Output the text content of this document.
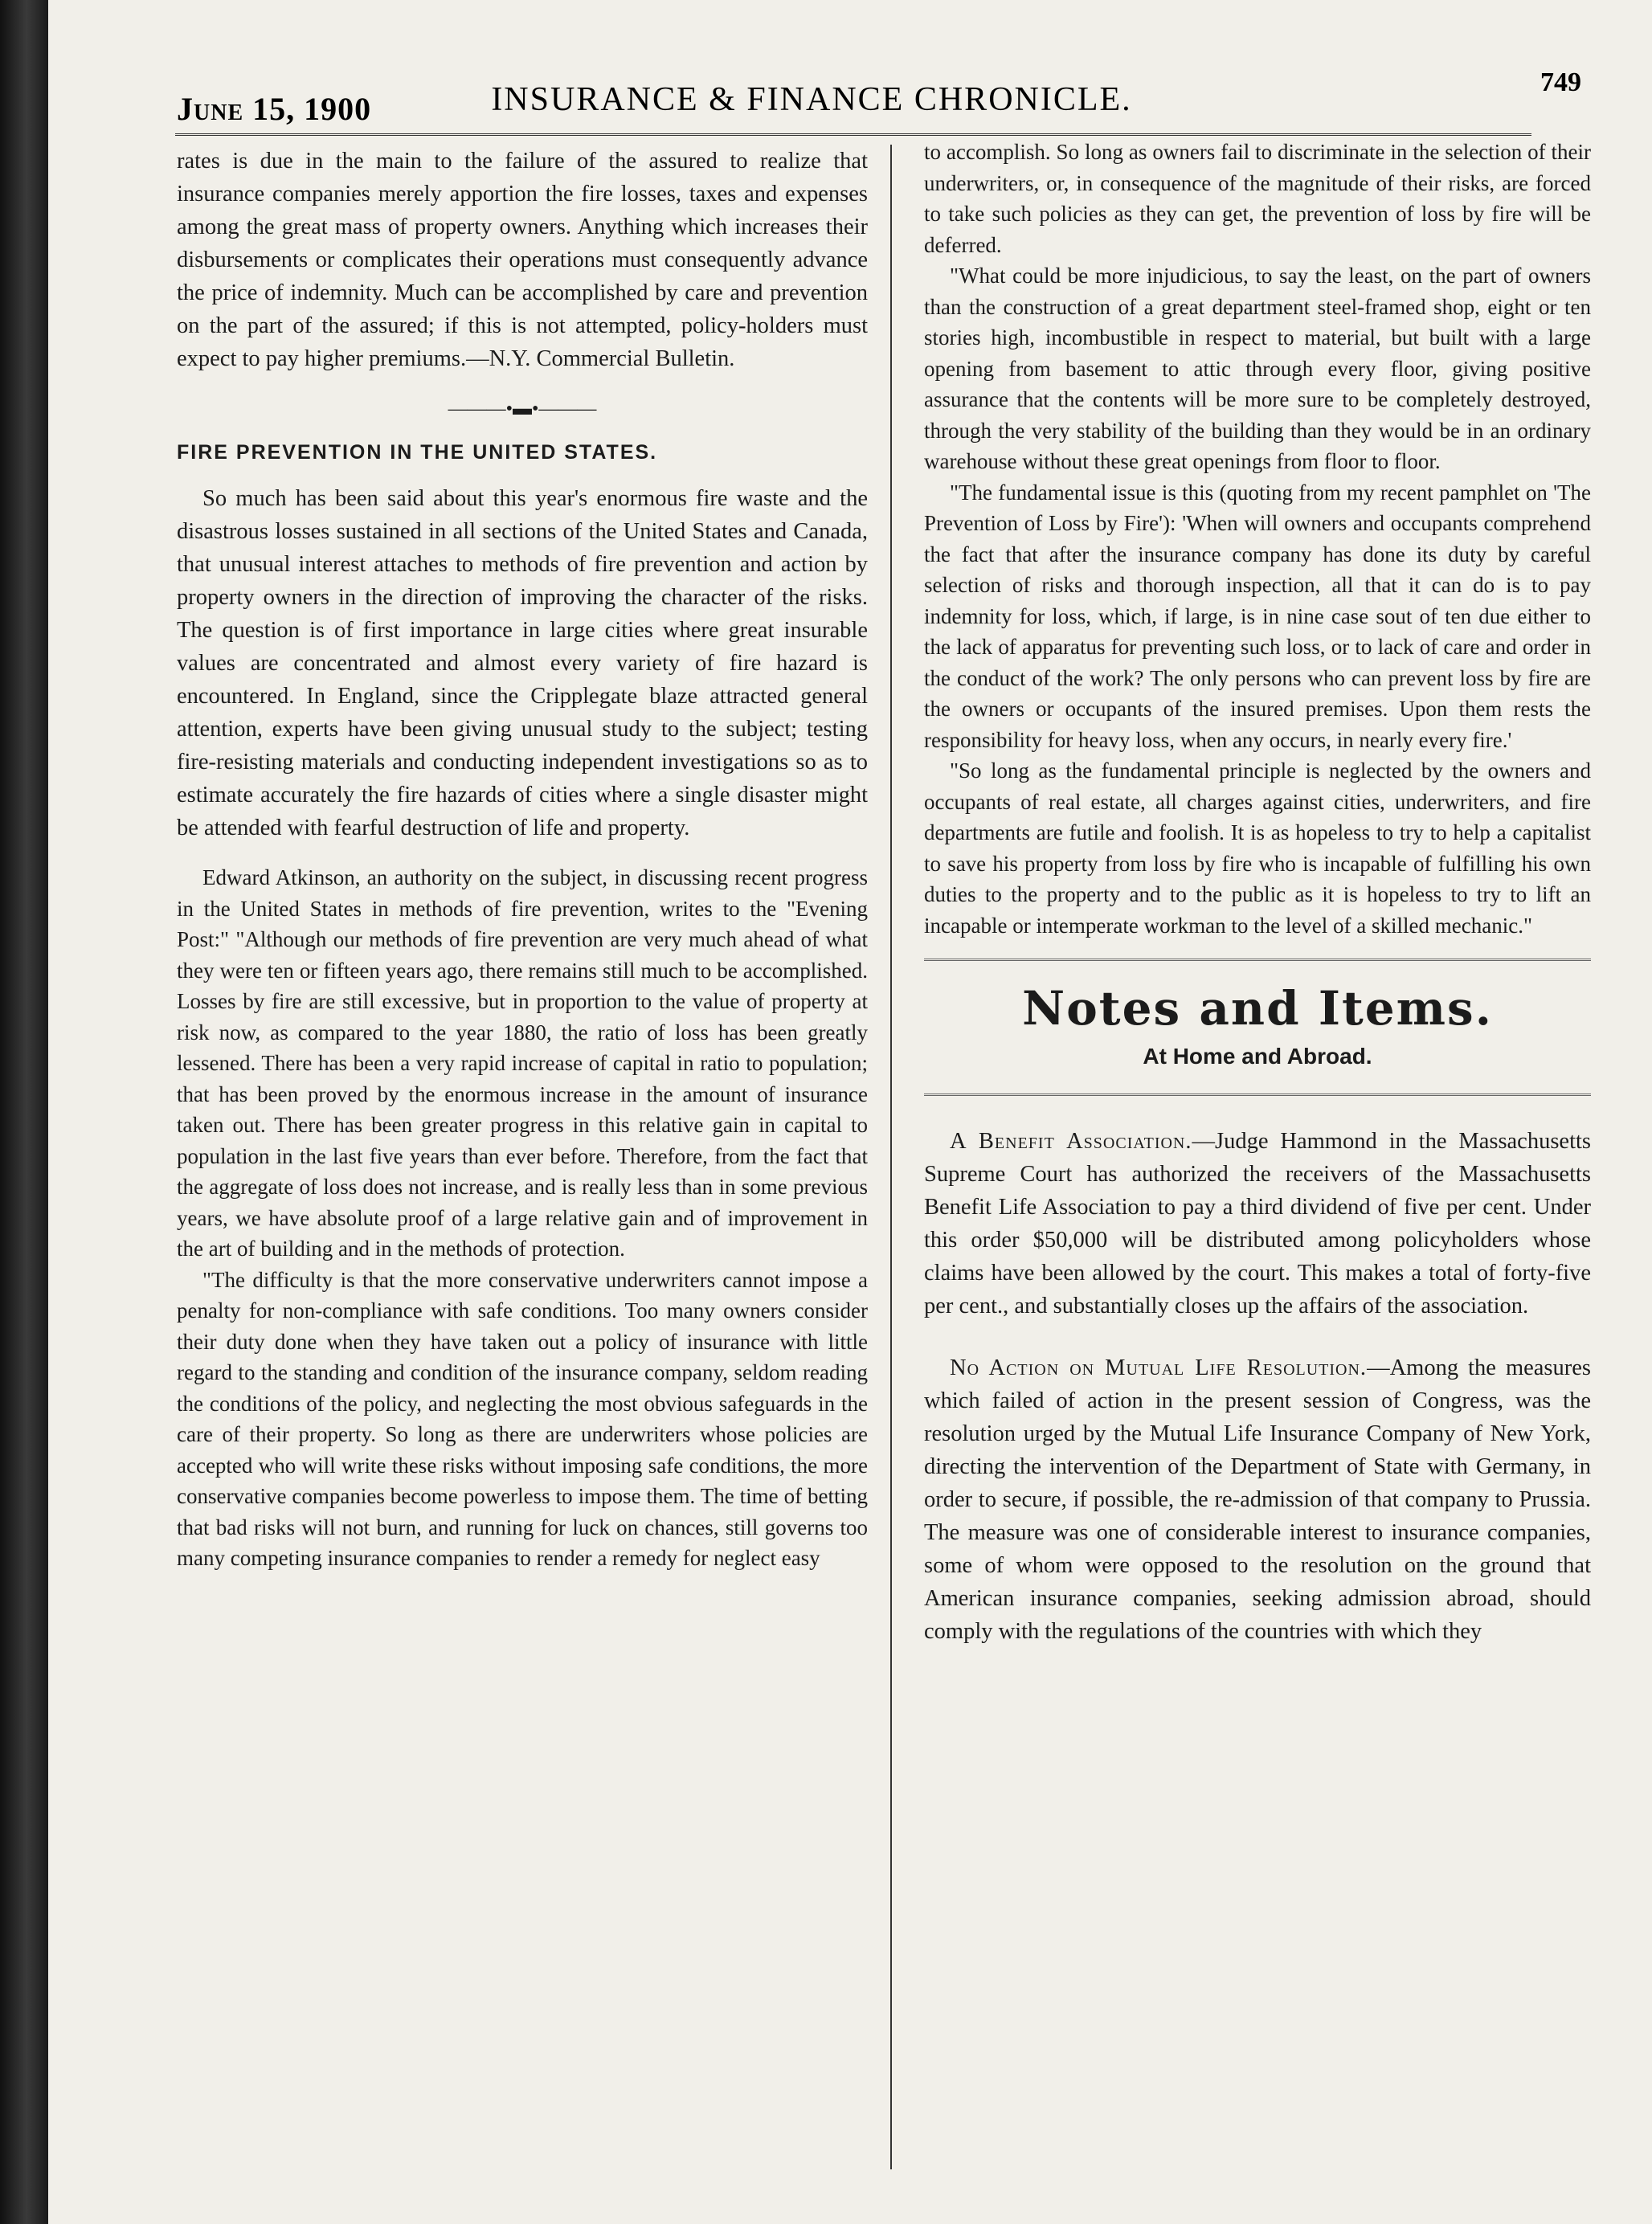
June 15, 1900	INSURANCE & FINANCE CHRONICLE.	749

rates is due in the main to the failure of the assured to realize that insurance companies merely apportion the fire losses, taxes and expenses among the great mass of property owners. Anything which increases their disbursements or complicates their operations must consequently advance the price of indemnity. Much can be accomplished by care and prevention on the part of the assured; if this is not attempted, policy-holders must expect to pay higher premiums.—N.Y. Commercial Bulletin.

———•▬•———
FIRE PREVENTION IN THE UNITED STATES.

So much has been said about this year's enormous fire waste and the disastrous losses sustained in all sections of the United States and Canada, that unusual interest attaches to methods of fire prevention and action by property owners in the direction of improving the character of the risks. The question is of first importance in large cities where great insurable values are concentrated and almost every variety of fire hazard is encountered. In England, since the Cripplegate blaze attracted general attention, experts have been giving unusual study to the subject; testing fire-resisting materials and conducting independent investigations so as to estimate accurately the fire hazards of cities where a single disaster might be attended with fearful destruction of life and property.

Edward Atkinson, an authority on the subject, in discussing recent progress in the United States in methods of fire prevention, writes to the "Evening Post:" "Although our methods of fire prevention are very much ahead of what they were ten or fifteen years ago, there remains still much to be accomplished. Losses by fire are still excessive, but in proportion to the value of property at risk now, as compared to the year 1880, the ratio of loss has been greatly lessened. There has been a very rapid increase of capital in ratio to population; that has been proved by the enormous increase in the amount of insurance taken out. There has been greater progress in this relative gain in capital to population in the last five years than ever before. Therefore, from the fact that the aggregate of loss does not increase, and is really less than in some previous years, we have absolute proof of a large relative gain and of improvement in the art of building and in the methods of protection.

"The difficulty is that the more conservative underwriters cannot impose a penalty for non-compliance with safe conditions. Too many owners consider their duty done when they have taken out a policy of insurance with little regard to the standing and condition of the insurance company, seldom reading the conditions of the policy, and neglecting the most obvious safeguards in the care of their property. So long as there are underwriters whose policies are accepted who will write these risks without imposing safe conditions, the more conservative companies become powerless to impose them. The time of betting that bad risks will not burn, and running for luck on chances, still governs too many competing insurance companies to render a remedy for neglect easy

to accomplish. So long as owners fail to discriminate in the selection of their underwriters, or, in consequence of the magnitude of their risks, are forced to take such policies as they can get, the prevention of loss by fire will be deferred.

"What could be more injudicious, to say the least, on the part of owners than the construction of a great department steel-framed shop, eight or ten stories high, incombustible in respect to material, but built with a large opening from basement to attic through every floor, giving positive assurance that the contents will be more sure to be completely destroyed, through the very stability of the building than they would be in an ordinary warehouse without these great openings from floor to floor.

"The fundamental issue is this (quoting from my recent pamphlet on 'The Prevention of Loss by Fire'): 'When will owners and occupants comprehend the fact that after the insurance company has done its duty by careful selection of risks and thorough inspection, all that it can do is to pay indemnity for loss, which, if large, is in nine case sout of ten due either to the lack of apparatus for preventing such loss, or to lack of care and order in the conduct of the work? The only persons who can prevent loss by fire are the owners or occupants of the insured premises. Upon them rests the responsibility for heavy loss, when any occurs, in nearly every fire.'

"So long as the fundamental principle is neglected by the owners and occupants of real estate, all charges against cities, underwriters, and fire departments are futile and foolish. It is as hopeless to try to help a capitalist to save his property from loss by fire who is incapable of fulfilling his own duties to the property and to the public as it is hopeless to try to lift an incapable or intemperate workman to the level of a skilled mechanic."

Notes and Items.
At Home and Abroad.

A Benefit Association.—Judge Hammond in the Massachusetts Supreme Court has authorized the receivers of the Massachusetts Benefit Life Association to pay a third dividend of five per cent. Under this order $50,000 will be distributed among policyholders whose claims have been allowed by the court. This makes a total of forty-five per cent., and substantially closes up the affairs of the association.

No Action on Mutual Life Resolution.—Among the measures which failed of action in the present session of Congress, was the resolution urged by the Mutual Life Insurance Company of New York, directing the intervention of the Department of State with Germany, in order to secure, if possible, the re-admission of that company to Prussia. The measure was one of considerable interest to insurance companies, some of whom were opposed to the resolution on the ground that American insurance companies, seeking admission abroad, should comply with the regulations of the countries with which they
